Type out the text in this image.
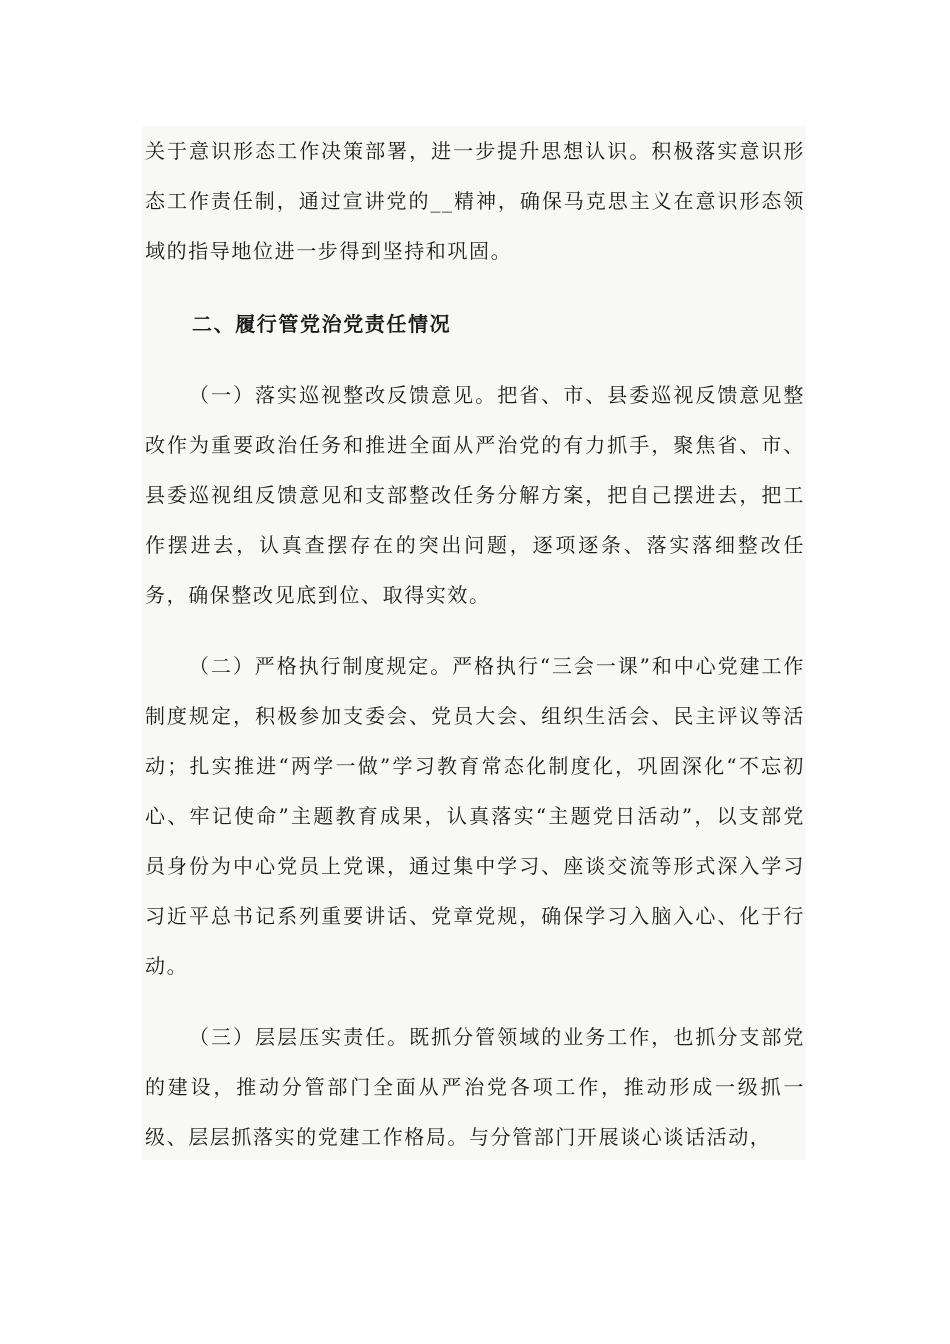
关于意识形态工作决策部署，进一步提升思想认识。积极落实意识形态工作责任制，通过宣讲党的__精神，确保马克思主义在意识形态领域的指导地位进一步得到坚持和巩固。

二、履行管党治党责任情况

（一）落实巡视整改反馈意见。把省、市、县委巡视反馈意见整改作为重要政治任务和推进全面从严治党的有力抓手，聚焦省、市、县委巡视组反馈意见和支部整改任务分解方案，把自己摆进去，把工作摆进去，认真查摆存在的突出问题，逐项逐条、落实落细整改任务，确保整改见底到位、取得实效。

（二）严格执行制度规定。严格执行“三会一课”和中心党建工作制度规定，积极参加支委会、党员大会、组织生活会、民主评议等活动；扎实推进“两学一做”学习教育常态化制度化，巩固深化“不忘初心、牢记使命”主题教育成果，认真落实“主题党日活动”，以支部党员身份为中心党员上党课，通过集中学习、座谈交流等形式深入学习习近平总书记系列重要讲话、党章党规，确保学习入脑入心、化于行动。

（三）层层压实责任。既抓分管领域的业务工作，也抓分支部党的建设，推动分管部门全面从严治党各项工作，推动形成一级抓一级、层层抓落实的党建工作格局。与分管部门开展谈心谈话活动，
